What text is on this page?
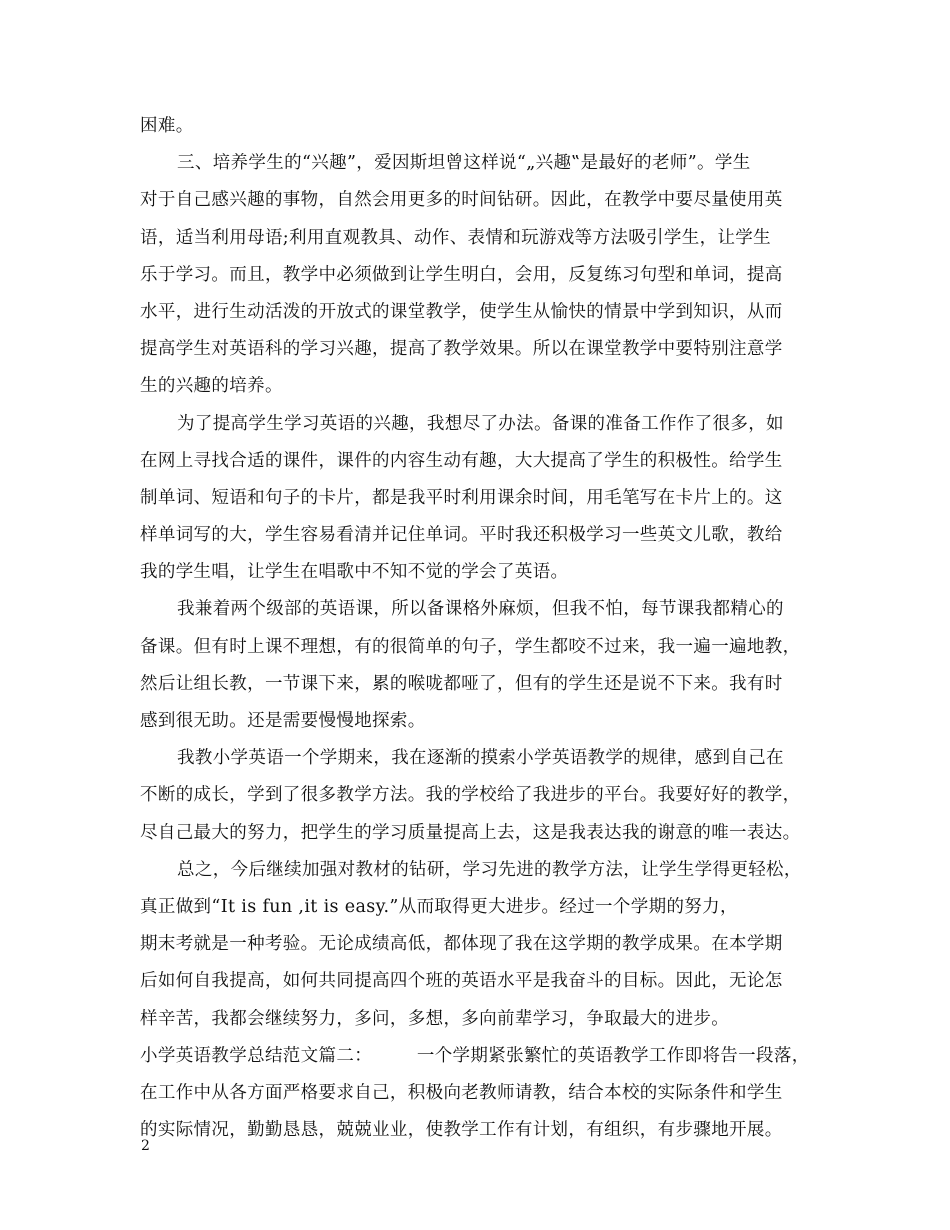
困难。
三、培养学生的“兴趣”，爱因斯坦曾这样说“„兴趣‟是最好的老师”。学生
对于自己感兴趣的事物，自然会用更多的时间钻研。因此，在教学中要尽量使用英
语，适当利用母语;利用直观教具、动作、表情和玩游戏等方法吸引学生，让学生
乐于学习。而且，教学中必须做到让学生明白，会用，反复练习句型和单词，提高
水平，进行生动活泼的开放式的课堂教学，使学生从愉快的情景中学到知识，从而
提高学生对英语科的学习兴趣，提高了教学效果。所以在课堂教学中要特别注意学
生的兴趣的培养。
为了提高学生学习英语的兴趣，我想尽了办法。备课的准备工作作了很多，如
在网上寻找合适的课件，课件的内容生动有趣，大大提高了学生的积极性。给学生
制单词、短语和句子的卡片，都是我平时利用课余时间，用毛笔写在卡片上的。这
样单词写的大，学生容易看清并记住单词。平时我还积极学习一些英文儿歌，教给
我的学生唱，让学生在唱歌中不知不觉的学会了英语。
我兼着两个级部的英语课，所以备课格外麻烦，但我不怕，每节课我都精心的
备课。但有时上课不理想，有的很简单的句子，学生都咬不过来，我一遍一遍地教，
然后让组长教，一节课下来，累的喉咙都哑了，但有的学生还是说不下来。我有时
感到很无助。还是需要慢慢地探索。
我教小学英语一个学期来，我在逐渐的摸索小学英语教学的规律，感到自己在
不断的成长，学到了很多教学方法。我的学校给了我进步的平台。我要好好的教学，
尽自己最大的努力，把学生的学习质量提高上去，这是我表达我的谢意的唯一表达。
总之，今后继续加强对教材的钻研，学习先进的教学方法，让学生学得更轻松，
真正做到“It is fun ,it is easy.”从而取得更大进步。经过一个学期的努力，
期末考就是一种考验。无论成绩高低，都体现了我在这学期的教学成果。在本学期
后如何自我提高，如何共同提高四个班的英语水平是我奋斗的目标。因此，无论怎
样辛苦，我都会继续努力，多问，多想，多向前辈学习，争取最大的进步。
小学英语教学总结范文篇二：　　　一个学期紧张繁忙的英语教学工作即将告一段落，
在工作中从各方面严格要求自己，积极向老教师请教，结合本校的实际条件和学生
的实际情况，勤勤恳恳，兢兢业业，使教学工作有计划，有组织，有步骤地开展。
2
